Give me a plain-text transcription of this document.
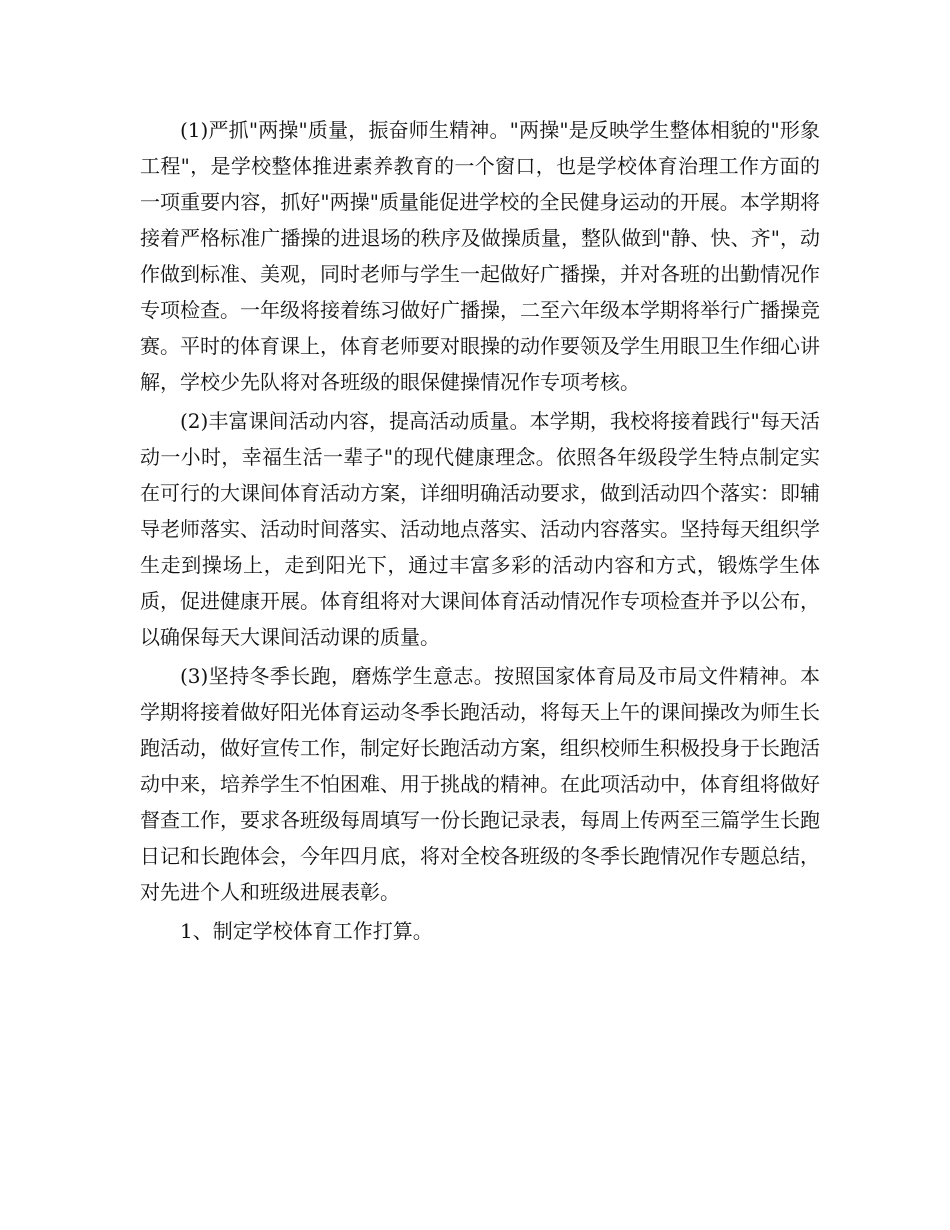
(1)严抓"两操"质量，振奋师生精神。"两操"是反映学生整体相貌的"形象工程"，是学校整体推进素养教育的一个窗口，也是学校体育治理工作方面的一项重要内容，抓好"两操"质量能促进学校的全民健身运动的开展。本学期将接着严格标准广播操的进退场的秩序及做操质量，整队做到"静、快、齐"，动作做到标准、美观，同时老师与学生一起做好广播操，并对各班的出勤情况作专项检查。一年级将接着练习做好广播操，二至六年级本学期将举行广播操竞赛。平时的体育课上，体育老师要对眼操的动作要领及学生用眼卫生作细心讲解，学校少先队将对各班级的眼保健操情况作专项考核。

(2)丰富课间活动内容，提高活动质量。本学期，我校将接着践行"每天活动一小时，幸福生活一辈子"的现代健康理念。依照各年级段学生特点制定实在可行的大课间体育活动方案，详细明确活动要求，做到活动四个落实：即辅导老师落实、活动时间落实、活动地点落实、活动内容落实。坚持每天组织学生走到操场上，走到阳光下，通过丰富多彩的活动内容和方式，锻炼学生体质，促进健康开展。体育组将对大课间体育活动情况作专项检查并予以公布，以确保每天大课间活动课的质量。

(3)坚持冬季长跑，磨炼学生意志。按照国家体育局及市局文件精神。本学期将接着做好阳光体育运动冬季长跑活动，将每天上午的课间操改为师生长跑活动，做好宣传工作，制定好长跑活动方案，组织校师生积极投身于长跑活动中来，培养学生不怕困难、用于挑战的精神。在此项活动中，体育组将做好督查工作，要求各班级每周填写一份长跑记录表，每周上传两至三篇学生长跑日记和长跑体会，今年四月底，将对全校各班级的冬季长跑情况作专题总结，对先进个人和班级进展表彰。

1、制定学校体育工作打算。
